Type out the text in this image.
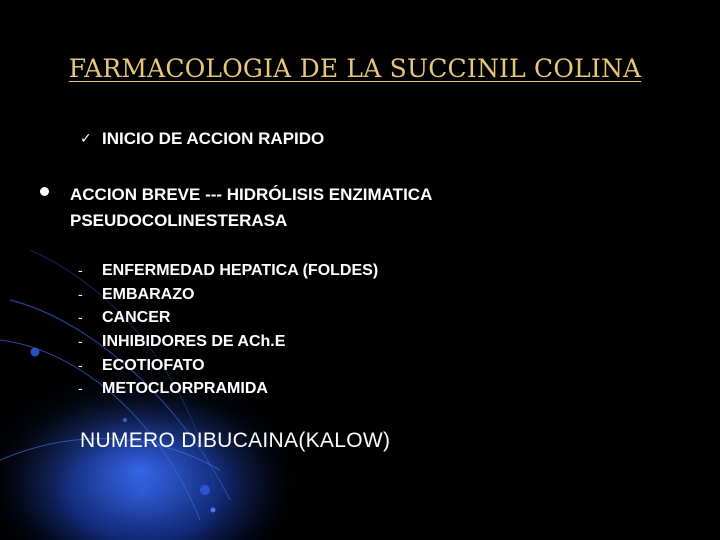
FARMACOLOGIA DE LA SUCCINIL COLINA
✓ INICIO DE ACCION RAPIDO
ACCION BREVE --- HIDRÓLISIS ENZIMATICA
PSEUDOCOLINESTERASA
- ENFERMEDAD HEPATICA (FOLDES)
- EMBARAZO
- CANCER
- INHIBIDORES DE ACh.E
- ECOTIOFATO
- METOCLORPRAMIDA
NUMERO DIBUCAINA(KALOW)
